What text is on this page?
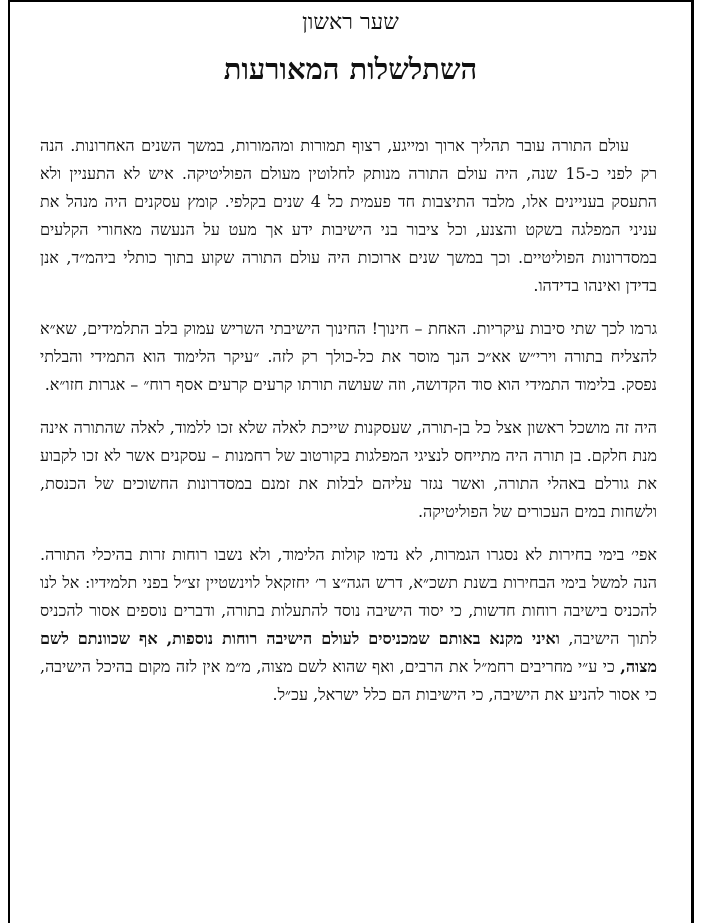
שער ראשון
השתלשלות המאורעות

עולם התורה עובר תהליך ארוך ומייגע, רצוף תמורות ומהמורות, במשך השנים האחרונות. הנה רק לפני כ-15 שנה, היה עולם התורה מנותק לחלוטין מעולם הפוליטיקה. איש לא התעניין ולא התעסק בעניינים אלו, מלבד התיצבות חד פעמית כל 4 שנים בקלפי. קומץ עסקנים היה מנהל את עניני המפלגה בשקט והצנע, וכל ציבור בני הישיבות ידע אך מעט על הנעשה מאחורי הקלעים במסדרונות הפוליטיים. וכך במשך שנים ארוכות היה עולם התורה שקוע בתוך כותלי ביהמ״ד, אנן בדידן ואינהו בדידהו.

גרמו לכך שתי סיבות עיקריות. האחת – חינוך! החינוך הישיבתי השריש עמוק בלב התלמידים, שא״א להצליח בתורה וירי״ש אא״כ הנך מוסר את כל-כולך רק לזה. ״עיקר הלימוד הוא התמידי והבלתי נפסק. בלימוד התמידי הוא סוד הקדושה, וזה שעושה תורתו קרעים קרעים אסף רוח״ – אגרות חזו״א.

היה זה מושכל ראשון אצל כל בן-תורה, שעסקנות שייכת לאלה שלא זכו ללמוד, לאלה שהתורה אינה מנת חלקם. בן תורה היה מתייחס לנציגי המפלגות בקורטוב של רחמנות – עסקנים אשר לא זכו לקבוע את גורלם באהלי התורה, ואשר נגזר עליהם לבלות את זמנם במסדרונות החשוכים של הכנסת, ולשחות במים העכורים של הפוליטיקה.

אפי׳ בימי בחירות לא נסגרו הגמרות, לא נדמו קולות הלימוד, ולא נשבו רוחות זרות בהיכלי התורה. הנה למשל בימי הבחירות בשנת תשכ״א, דרש הגה״צ ר׳ יחזקאל לוינשטיין זצ״ל בפני תלמידיו: אל לנו להכניס בישיבה רוחות חדשות, כי יסוד הישיבה נוסד להתעלות בתורה, ודברים נוספים אסור להכניס לתוך הישיבה, ואיני מקנא באותם שמכניסים לעולם הישיבה רוחות נוספות, אף שכוונתם לשם מצוה, כי ע״י מחריבים רחמ״ל את הרבים, ואף שהוא לשם מצוה, מ״מ אין לזה מקום בהיכל הישיבה, כי אסור להניע את הישיבה, כי הישיבות הם כלל ישראל, עכ״ל.
